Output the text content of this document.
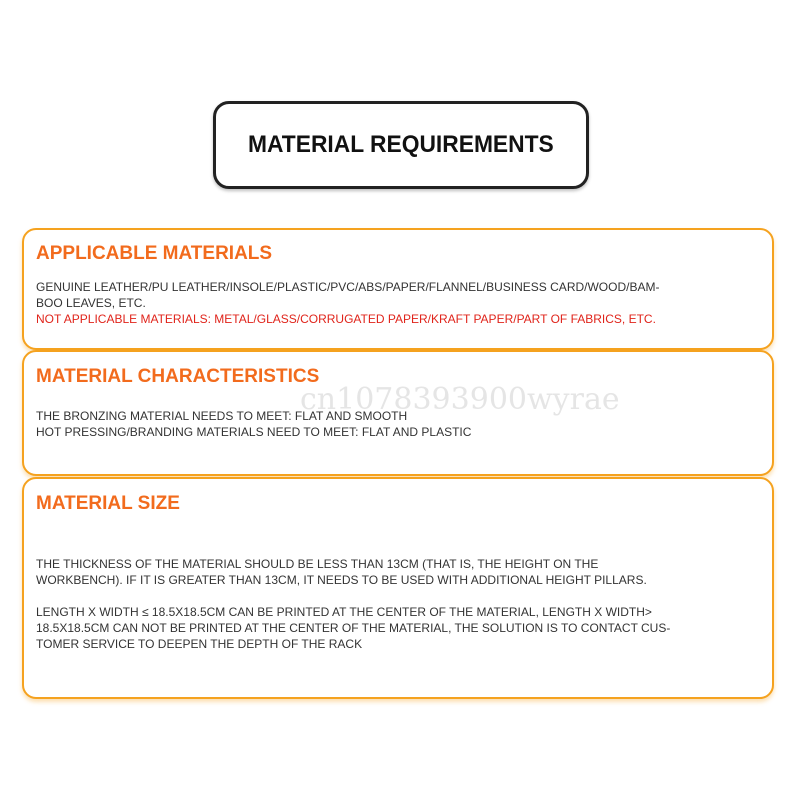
MATERIAL REQUIREMENTS
APPLICABLE MATERIALS
GENUINE LEATHER/PU LEATHER/INSOLE/PLASTIC/PVC/ABS/PAPER/FLANNEL/BUSINESS CARD/WOOD/BAM-
BOO LEAVES, ETC.
NOT APPLICABLE MATERIALS: METAL/GLASS/CORRUGATED PAPER/KRAFT PAPER/PART OF FABRICS, ETC.
MATERIAL CHARACTERISTICS
THE BRONZING MATERIAL NEEDS TO MEET: FLAT AND SMOOTH
HOT PRESSING/BRANDING MATERIALS NEED TO MEET: FLAT AND PLASTIC
MATERIAL SIZE
THE THICKNESS OF THE MATERIAL SHOULD BE LESS THAN 13CM (THAT IS, THE HEIGHT ON THE
WORKBENCH). IF IT IS GREATER THAN 13CM, IT NEEDS TO BE USED WITH ADDITIONAL HEIGHT PILLARS.
LENGTH X WIDTH ≤ 18.5X18.5CM CAN BE PRINTED AT THE CENTER OF THE MATERIAL, LENGTH X WIDTH>
18.5X18.5CM CAN NOT BE PRINTED AT THE CENTER OF THE MATERIAL, THE SOLUTION IS TO CONTACT CUS-
TOMER SERVICE TO DEEPEN THE DEPTH OF THE RACK
cn1078393900wyrae
